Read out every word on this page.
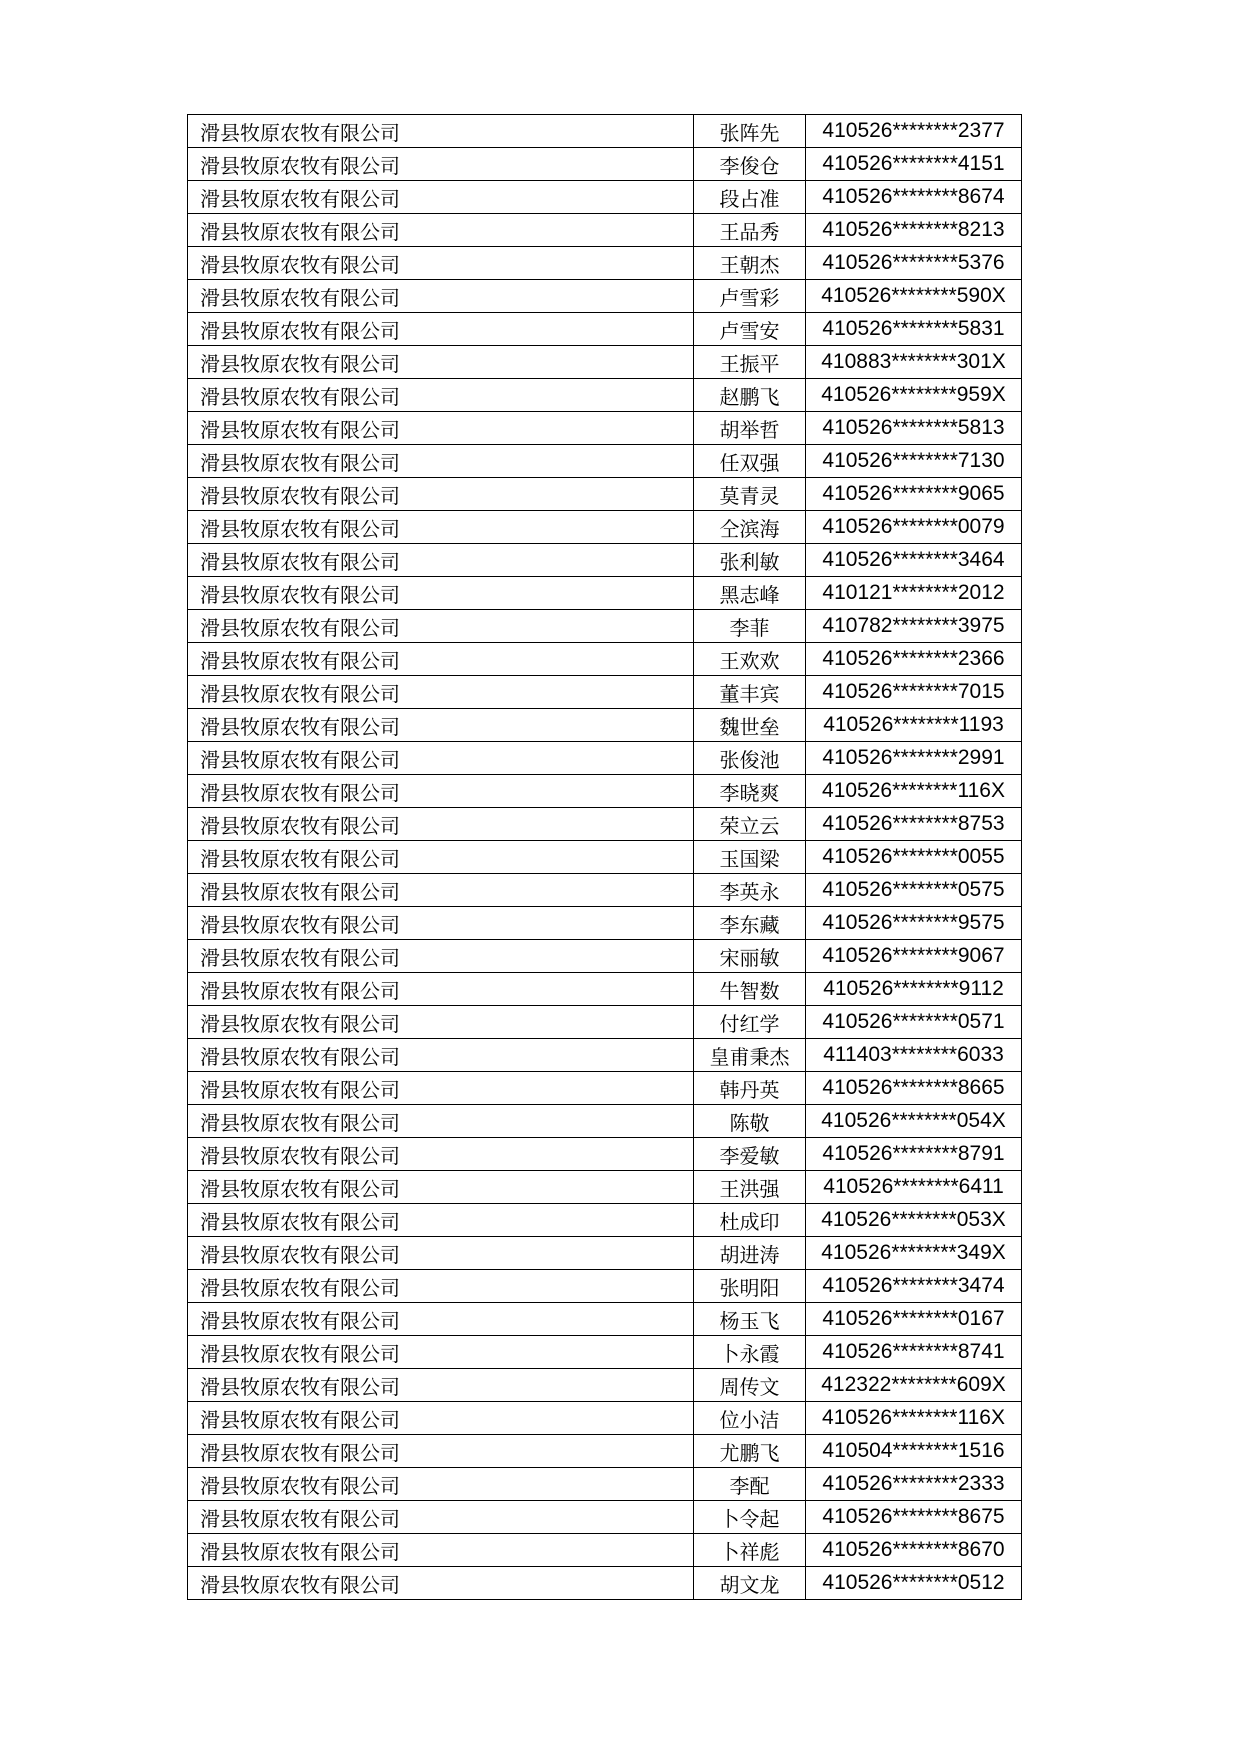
滑县牧原农牧有限公司	张阵先	410526********2377
滑县牧原农牧有限公司	李俊仓	410526********4151
滑县牧原农牧有限公司	段占准	410526********8674
滑县牧原农牧有限公司	王品秀	410526********8213
滑县牧原农牧有限公司	王朝杰	410526********5376
滑县牧原农牧有限公司	卢雪彩	410526********590X
滑县牧原农牧有限公司	卢雪安	410526********5831
滑县牧原农牧有限公司	王振平	410883********301X
滑县牧原农牧有限公司	赵鹏飞	410526********959X
滑县牧原农牧有限公司	胡举哲	410526********5813
滑县牧原农牧有限公司	任双强	410526********7130
滑县牧原农牧有限公司	莫青灵	410526********9065
滑县牧原农牧有限公司	仝滨海	410526********0079
滑县牧原农牧有限公司	张利敏	410526********3464
滑县牧原农牧有限公司	黑志峰	410121********2012
滑县牧原农牧有限公司	李菲	410782********3975
滑县牧原农牧有限公司	王欢欢	410526********2366
滑县牧原农牧有限公司	董丰宾	410526********7015
滑县牧原农牧有限公司	魏世垒	410526********1193
滑县牧原农牧有限公司	张俊池	410526********2991
滑县牧原农牧有限公司	李晓爽	410526********116X
滑县牧原农牧有限公司	荣立云	410526********8753
滑县牧原农牧有限公司	玉国梁	410526********0055
滑县牧原农牧有限公司	李英永	410526********0575
滑县牧原农牧有限公司	李东藏	410526********9575
滑县牧原农牧有限公司	宋丽敏	410526********9067
滑县牧原农牧有限公司	牛智数	410526********9112
滑县牧原农牧有限公司	付红学	410526********0571
滑县牧原农牧有限公司	皇甫秉杰	411403********6033
滑县牧原农牧有限公司	韩丹英	410526********8665
滑县牧原农牧有限公司	陈敬	410526********054X
滑县牧原农牧有限公司	李爱敏	410526********8791
滑县牧原农牧有限公司	王洪强	410526********6411
滑县牧原农牧有限公司	杜成印	410526********053X
滑县牧原农牧有限公司	胡进涛	410526********349X
滑县牧原农牧有限公司	张明阳	410526********3474
滑县牧原农牧有限公司	杨玉飞	410526********0167
滑县牧原农牧有限公司	卜永霞	410526********8741
滑县牧原农牧有限公司	周传文	412322********609X
滑县牧原农牧有限公司	位小洁	410526********116X
滑县牧原农牧有限公司	尤鹏飞	410504********1516
滑县牧原农牧有限公司	李配	410526********2333
滑县牧原农牧有限公司	卜令起	410526********8675
滑县牧原农牧有限公司	卜祥彪	410526********8670
滑县牧原农牧有限公司	胡文龙	410526********0512
